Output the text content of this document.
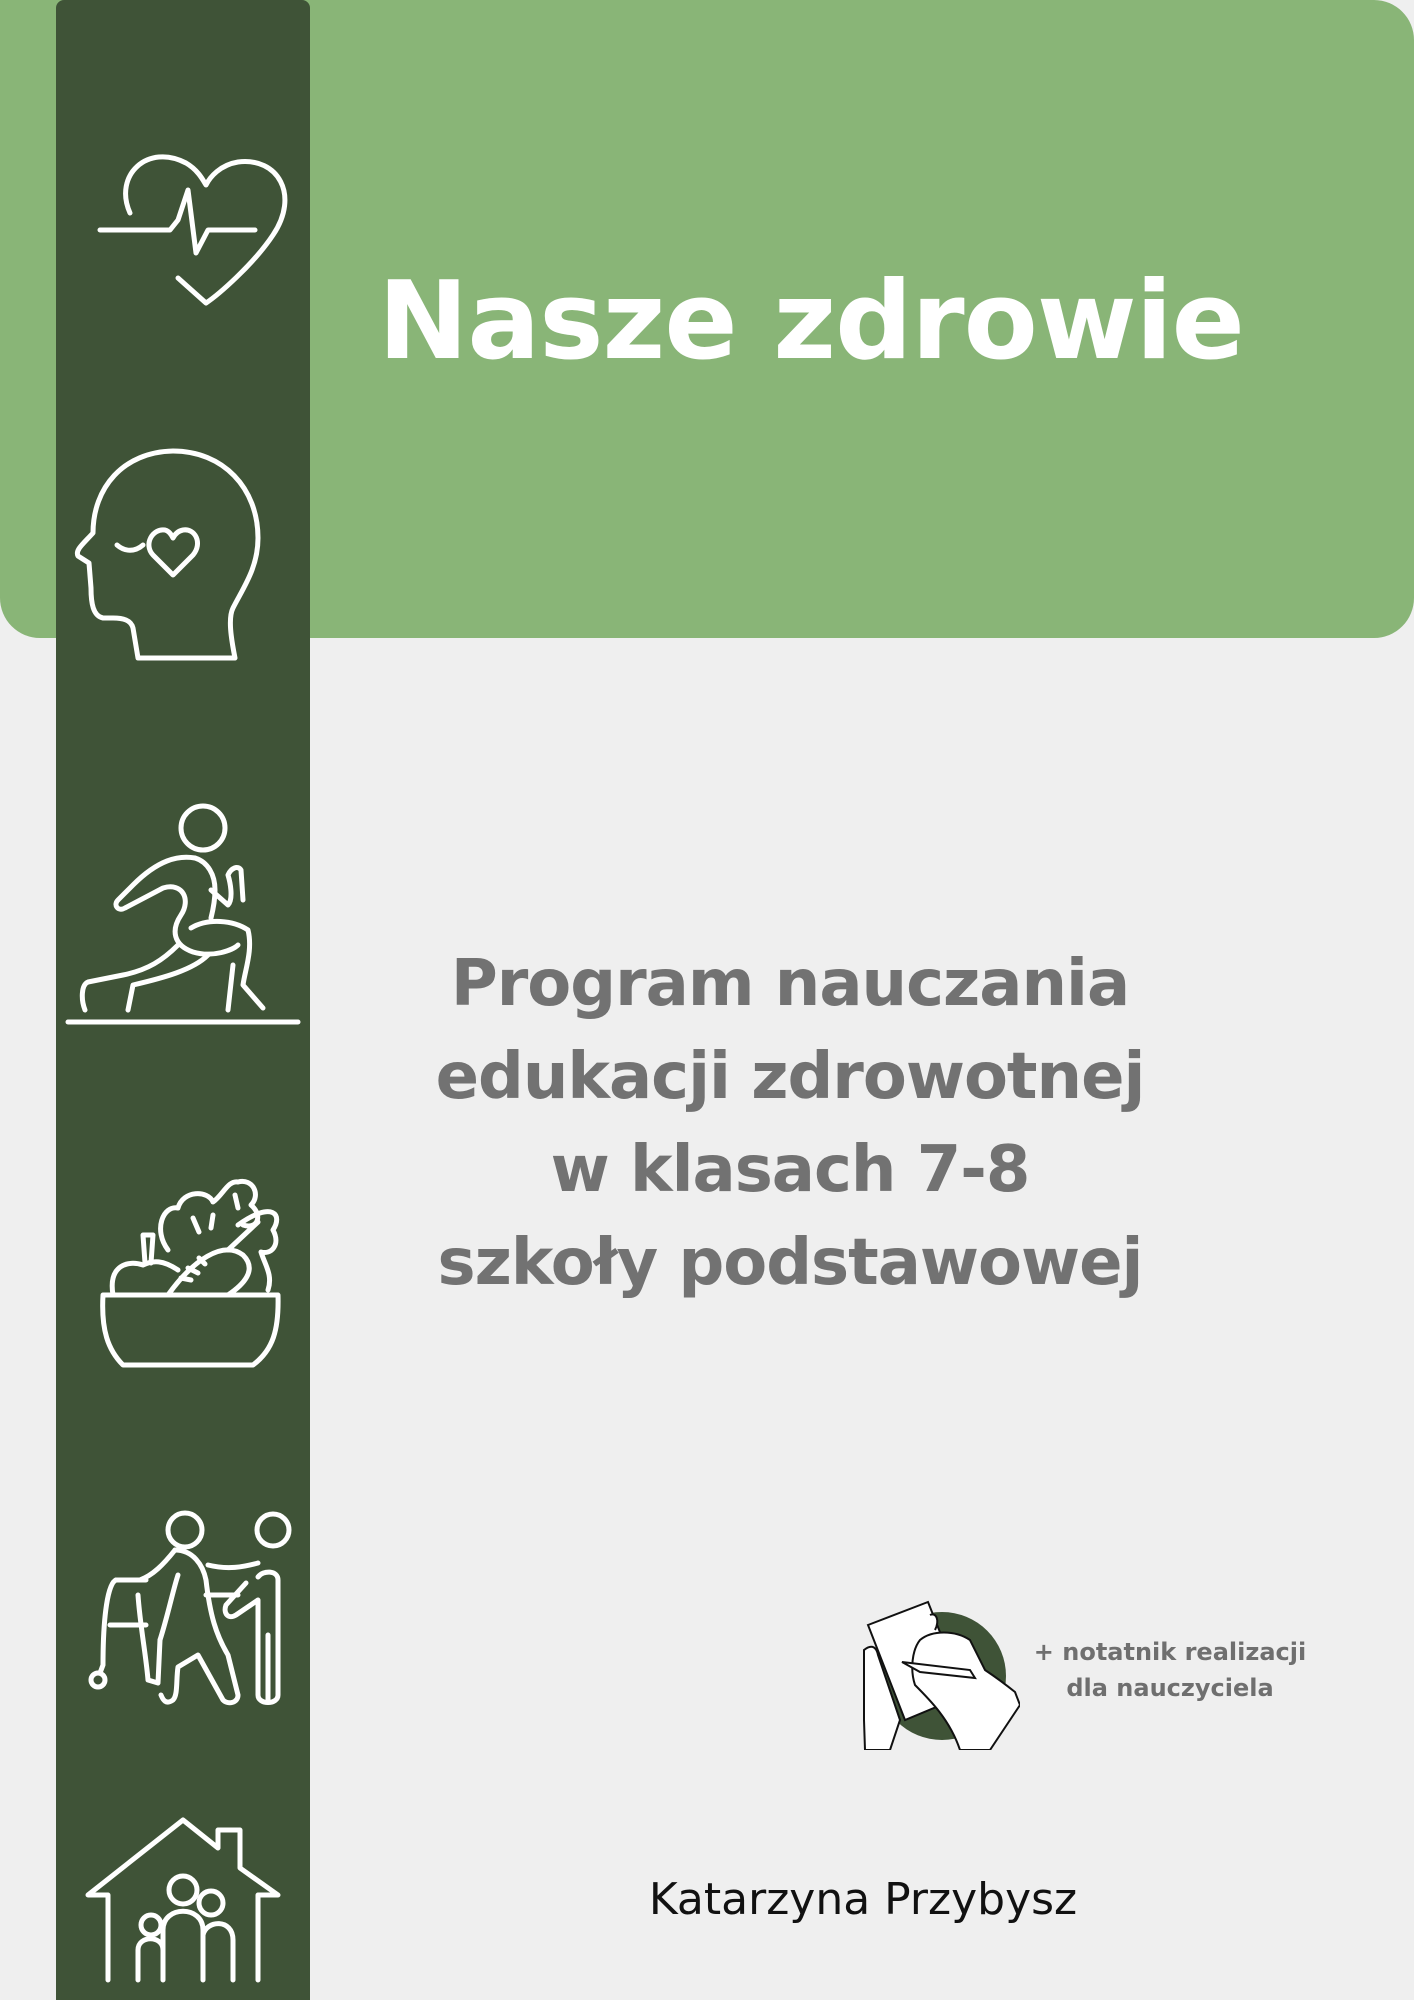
Nasze zdrowie
Program nauczania
edukacji zdrowotnej
w klasach 7-8
szkoły podstawowej
+ notatnik realizacji
dla nauczyciela
Katarzyna Przybysz
